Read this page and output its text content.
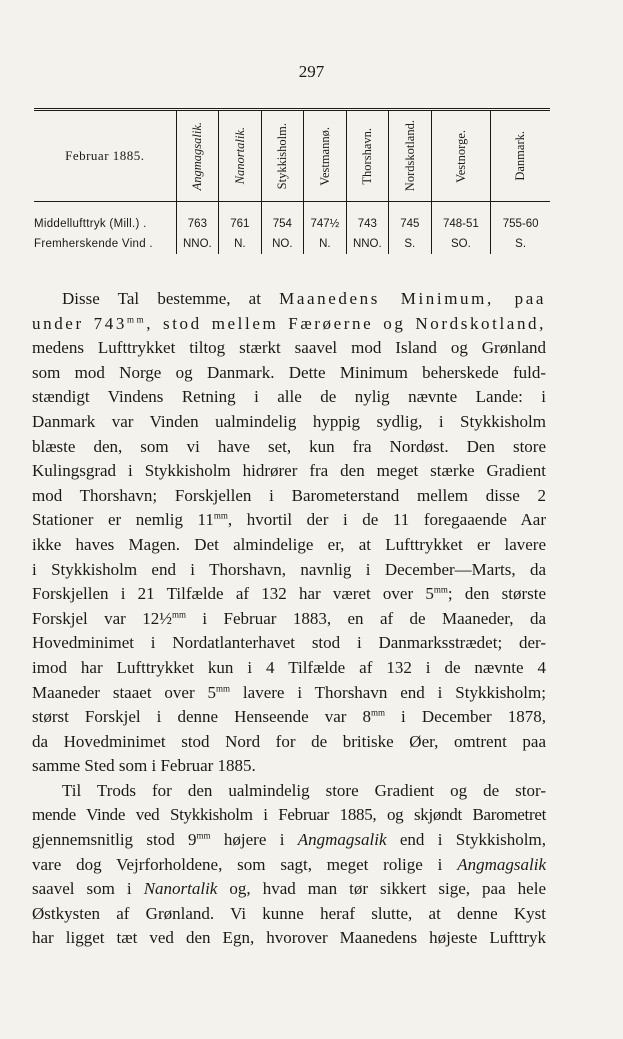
297
Februar 1885.	Angmagsalik.	Nanortalik.	Stykkisholm.	Vestmannø.	Thorshavn.	Nordskotland.	Vestnorge.	Danmark.

Middellufttryk (Mill.) .	763	761	754	747½	743	745	748-51	755-60
Fremherskende Vind .	NNO.	N.	NO.	N.	NNO.	S.	SO.	S.
Disse Tal bestemme, at Maanedens Minimum, paa
under $743^{mm}$, stod mellem Færøerne og Nordskotland,
medens Lufttrykket tiltog stærkt saavel mod Island og Grønland
som mod Norge og Danmark. Dette Minimum beherskede fuld-
stændigt Vindens Retning i alle de nylig nævnte Lande: i
Danmark var Vinden ualmindelig hyppig sydlig, i Stykkisholm
blæste den, som vi have set, kun fra Nordøst. Den store
Kulingsgrad i Stykkisholm hidrører fra den meget stærke Gradient
mod Thorshavn; Forskjellen i Barometerstand mellem disse 2
Stationer er nemlig $11^{mm}$, hvortil der i de 11 foregaaende Aar
ikke haves Magen. Det almindelige er, at Lufttrykket er lavere
i Stykkisholm end i Thorshavn, navnlig i December—Marts, da
Forskjellen i 21 Tilfælde af 132 har været over $5^{mm}$; den største
Forskjel var 12½$^{mm}$ i Februar 1883, en af de Maaneder, da
Hovedminimet i Nordatlanterhavet stod i Danmarksstrædet; der-
imod har Lufttrykket kun i 4 Tilfælde af 132 i de nævnte 4
Maaneder staaet over $5^{mm}$ lavere i Thorshavn end i Stykkisholm;
størst Forskjel i denne Henseende var $8^{mm}$ i December 1878,
da Hovedminimet stod Nord for de britiske Øer, omtrent paa
samme Sted som i Februar 1885.
Til Trods for den ualmindelig store Gradient og de stor-
mende Vinde ved Stykkisholm i Februar 1885, og skjøndt Barometret
gjennemsnitlig stod $9^{mm}$ højere i Angmagsalik end i Stykkisholm,
vare dog Vejrforholdene, som sagt, meget rolige i Angmagsalik
saavel som i Nanortalik og, hvad man tør sikkert sige, paa hele
Østkysten af Grønland. Vi kunne heraf slutte, at denne Kyst
har ligget tæt ved den Egn, hvorover Maanedens højeste Lufttryk
